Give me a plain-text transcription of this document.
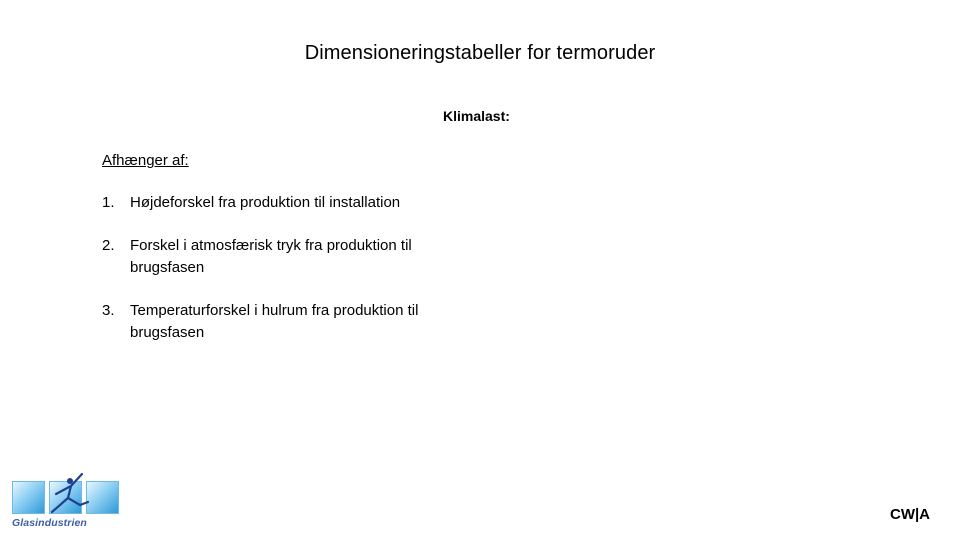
Dimensioneringstabeller for termoruder
Klimalast:
Afhænger af:
1. Højdeforskel fra produktion til installation
2. Forskel i atmosfærisk tryk fra produktion til brugsfasen
3. Temperaturforskel i hulrum fra produktion til brugsfasen
Glasindustrien	CW|A
